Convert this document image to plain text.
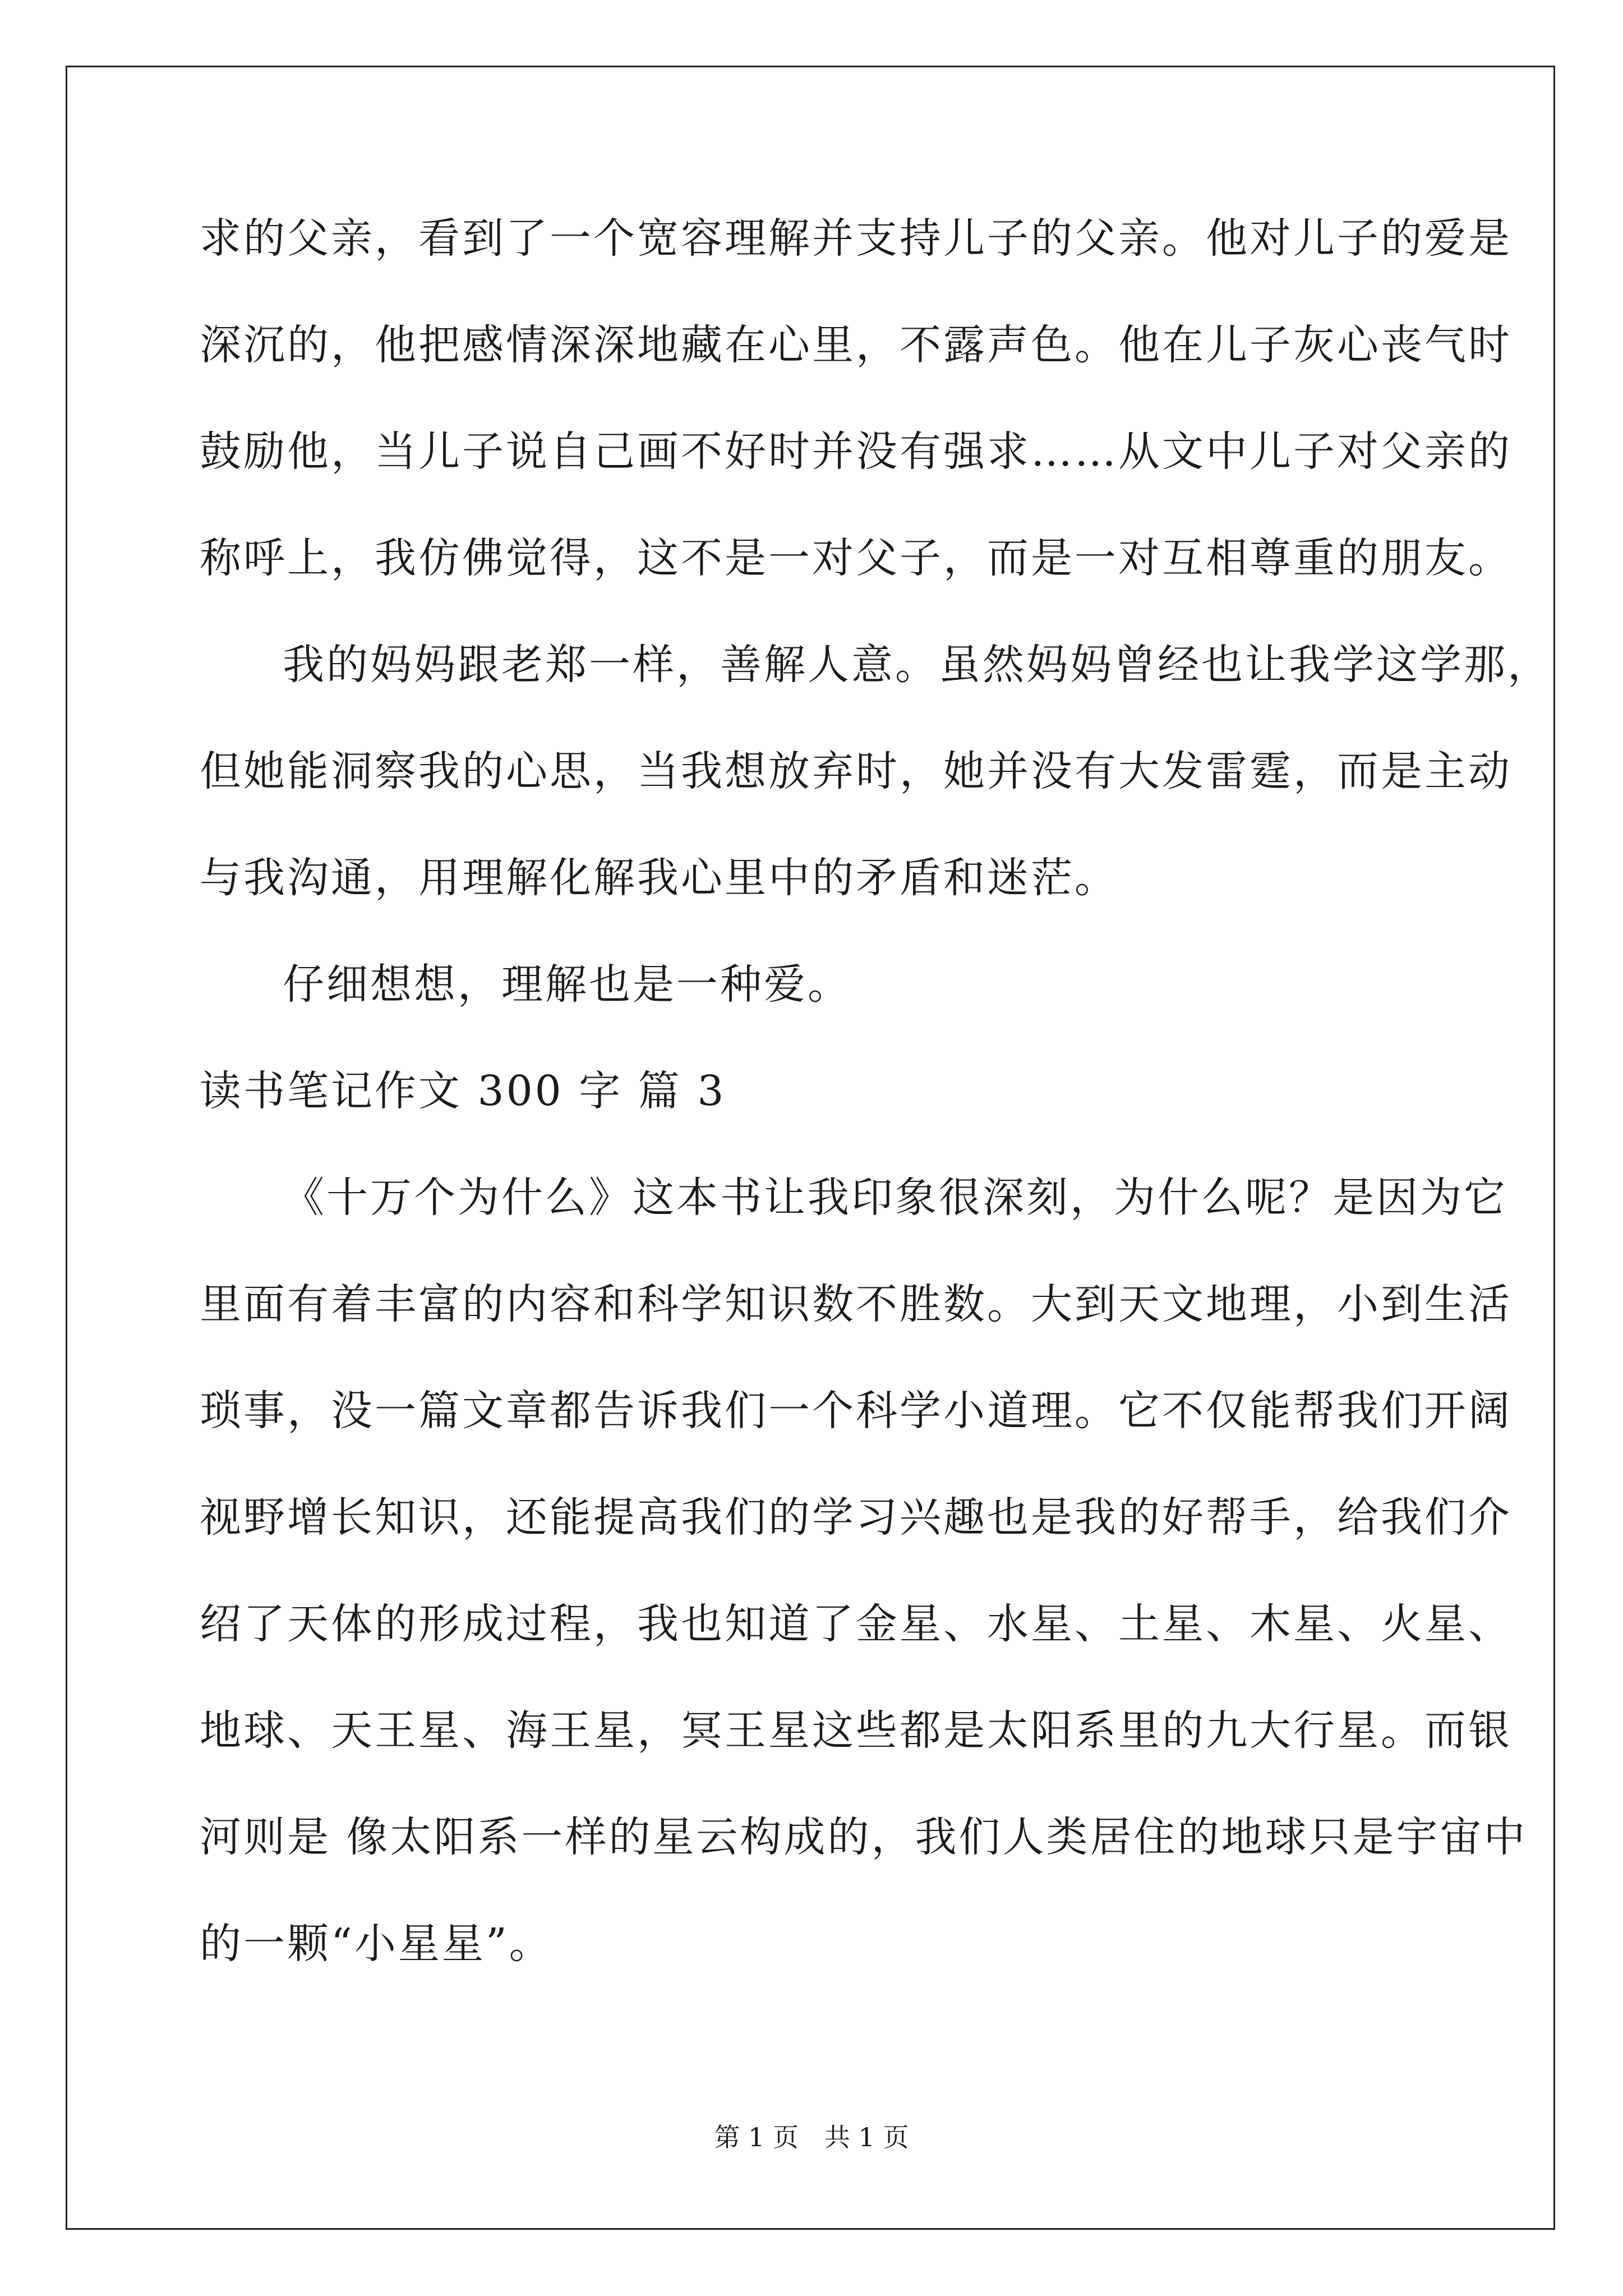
求的父亲，看到了一个宽容理解并支持儿子的父亲。他对儿子的爱是
深沉的，他把感情深深地藏在心里，不露声色。他在儿子灰心丧气时
鼓励他，当儿子说自己画不好时并没有强求……从文中儿子对父亲的
称呼上，我仿佛觉得，这不是一对父子，而是一对互相尊重的朋友。
我的妈妈跟老郑一样，善解人意。虽然妈妈曾经也让我学这学那，
但她能洞察我的心思，当我想放弃时，她并没有大发雷霆，而是主动
与我沟通，用理解化解我心里中的矛盾和迷茫。
仔细想想，理解也是一种爱。
读书笔记作文 300 字 篇 3
《十万个为什么》这本书让我印象很深刻，为什么呢？是因为它
里面有着丰富的内容和科学知识数不胜数。大到天文地理，小到生活
琐事，没一篇文章都告诉我们一个科学小道理。它不仅能帮我们开阔
视野增长知识，还能提高我们的学习兴趣也是我的好帮手，给我们介
绍了天体的形成过程，我也知道了金星、水星、土星、木星、火星、
地球、天王星、海王星，冥王星这些都是太阳系里的九大行星。而银
河则是 像太阳系一样的星云构成的，我们人类居住的地球只是宇宙中
的一颗“小星星”。
第 1 页　共 1 页
